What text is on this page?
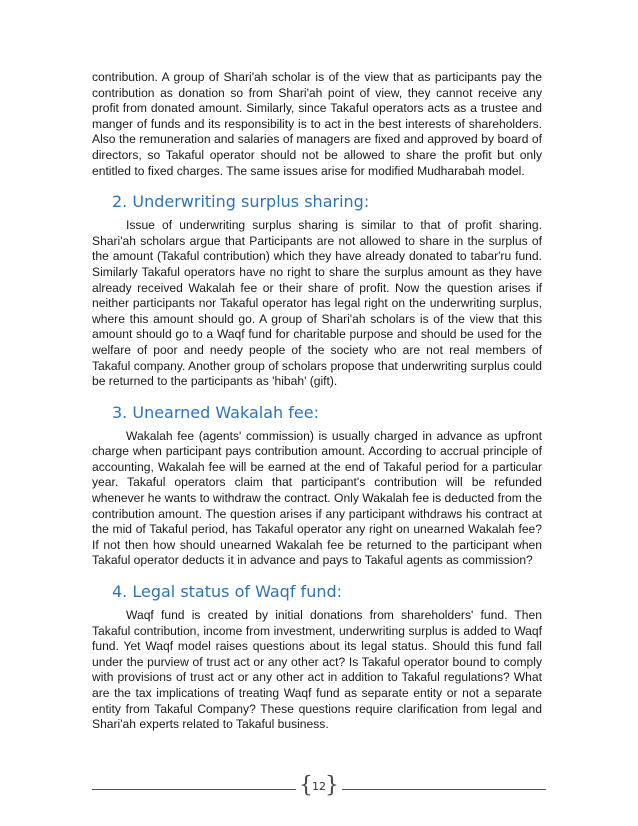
contribution. A group of Shari'ah scholar is of the view that as participants pay the contribution as donation so from Shari'ah point of view, they cannot receive any profit from donated amount. Similarly, since Takaful operators acts as a trustee and manger of funds and its responsibility is to act in the best interests of shareholders. Also the remuneration and salaries of managers are fixed and approved by board of directors, so Takaful operator should not be allowed to share the profit but only entitled to fixed charges. The same issues arise for modified Mudharabah model.

2. Underwriting surplus sharing:

Issue of underwriting surplus sharing is similar to that of profit sharing. Shari'ah scholars argue that Participants are not allowed to share in the surplus of the amount (Takaful contribution) which they have already donated to tabar'ru fund. Similarly Takaful operators have no right to share the surplus amount as they have already received Wakalah fee or their share of profit. Now the question arises if neither participants nor Takaful operator has legal right on the underwriting surplus, where this amount should go. A group of Shari'ah scholars is of the view that this amount should go to a Waqf fund for charitable purpose and should be used for the welfare of poor and needy people of the society who are not real members of Takaful company. Another group of scholars propose that underwriting surplus could be returned to the participants as 'hibah' (gift).

3. Unearned Wakalah fee:

Wakalah fee (agents' commission) is usually charged in advance as upfront charge when participant pays contribution amount. According to accrual principle of accounting, Wakalah fee will be earned at the end of Takaful period for a particular year. Takaful operators claim that participant's contribution will be refunded whenever he wants to withdraw the contract. Only Wakalah fee is deducted from the contribution amount. The question arises if any participant withdraws his contract at the mid of Takaful period, has Takaful operator any right on unearned Wakalah fee? If not then how should unearned Wakalah fee be returned to the participant when Takaful operator deducts it in advance and pays to Takaful agents as commission?

4. Legal status of Waqf fund:

Waqf fund is created by initial donations from shareholders' fund. Then Takaful contribution, income from investment, underwriting surplus is added to Waqf fund. Yet Waqf model raises questions about its legal status. Should this fund fall under the purview of trust act or any other act? Is Takaful operator bound to comply with provisions of trust act or any other act in addition to Takaful regulations? What are the tax implications of treating Waqf fund as separate entity or not a separate entity from Takaful Company? These questions require clarification from legal and Shari'ah experts related to Takaful business.

{ 12 }
